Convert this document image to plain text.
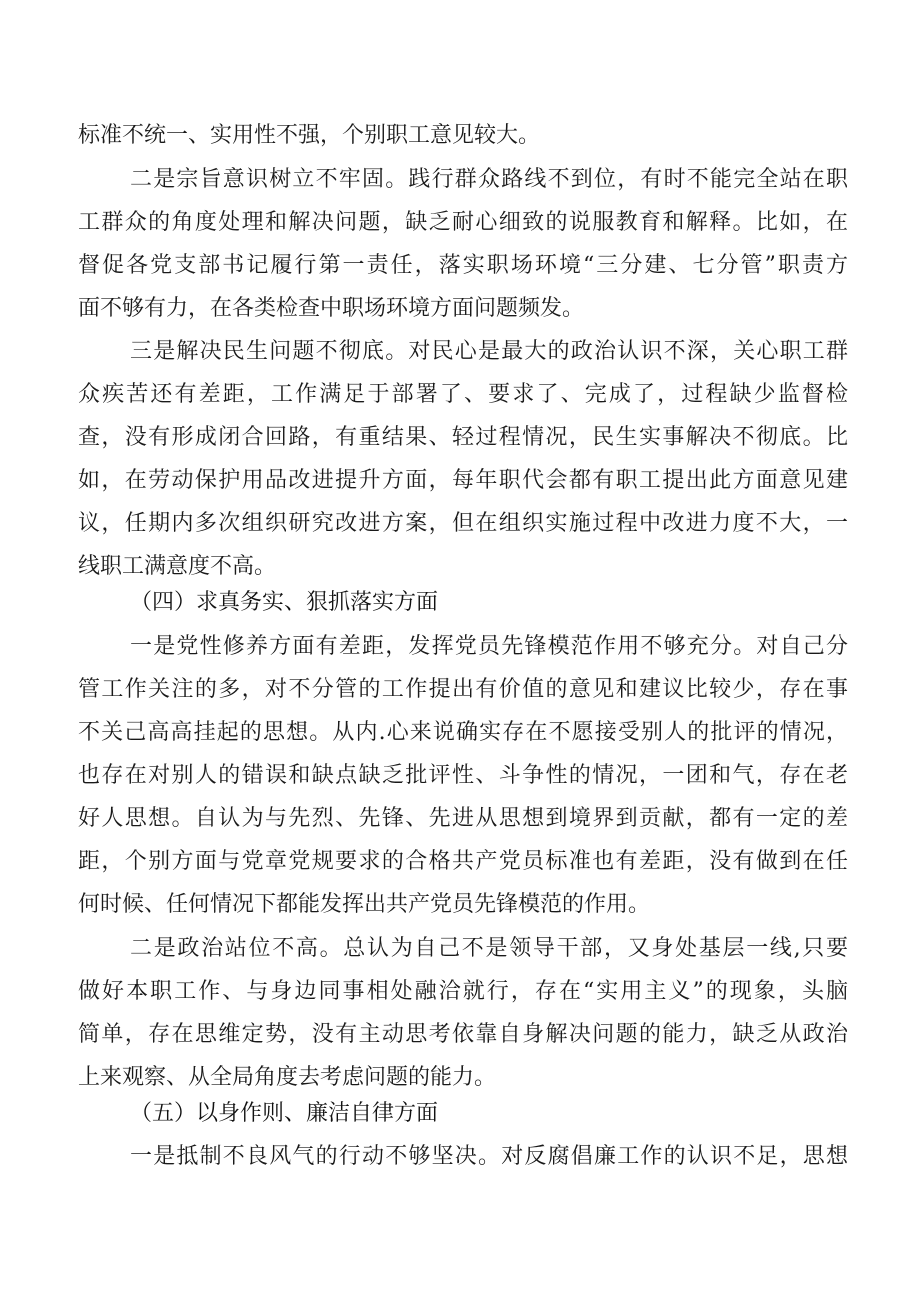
标准不统一、实用性不强，个别职工意见较大。
二是宗旨意识树立不牢固。践行群众路线不到位，有时不能完全站在职
工群众的角度处理和解决问题，缺乏耐心细致的说服教育和解释。比如，在
督促各党支部书记履行第一责任，落实职场环境“三分建、七分管”职责方
面不够有力，在各类检查中职场环境方面问题频发。
三是解决民生问题不彻底。对民心是最大的政治认识不深，关心职工群
众疾苦还有差距，工作满足于部署了、要求了、完成了，过程缺少监督检
查，没有形成闭合回路，有重结果、轻过程情况，民生实事解决不彻底。比
如，在劳动保护用品改进提升方面，每年职代会都有职工提出此方面意见建
议，任期内多次组织研究改进方案，但在组织实施过程中改进力度不大，一
线职工满意度不高。
（四）求真务实、狠抓落实方面
一是党性修养方面有差距，发挥党员先锋模范作用不够充分。对自己分
管工作关注的多，对不分管的工作提出有价值的意见和建议比较少，存在事
不关己高高挂起的思想。从内.心来说确实存在不愿接受别人的批评的情况，
也存在对别人的错误和缺点缺乏批评性、斗争性的情况，一团和气，存在老
好人思想。自认为与先烈、先锋、先进从思想到境界到贡献，都有一定的差
距，个别方面与党章党规要求的合格共产党员标准也有差距，没有做到在任
何时候、任何情况下都能发挥出共产党员先锋模范的作用。
二是政治站位不高。总认为自己不是领导干部，又身处基层一线,只要
做好本职工作、与身边同事相处融洽就行，存在“实用主义”的现象，头脑
简单，存在思维定势，没有主动思考依靠自身解决问题的能力，缺乏从政治
上来观察、从全局角度去考虑问题的能力。
（五）以身作则、廉洁自律方面
一是抵制不良风气的行动不够坚决。对反腐倡廉工作的认识不足，思想
